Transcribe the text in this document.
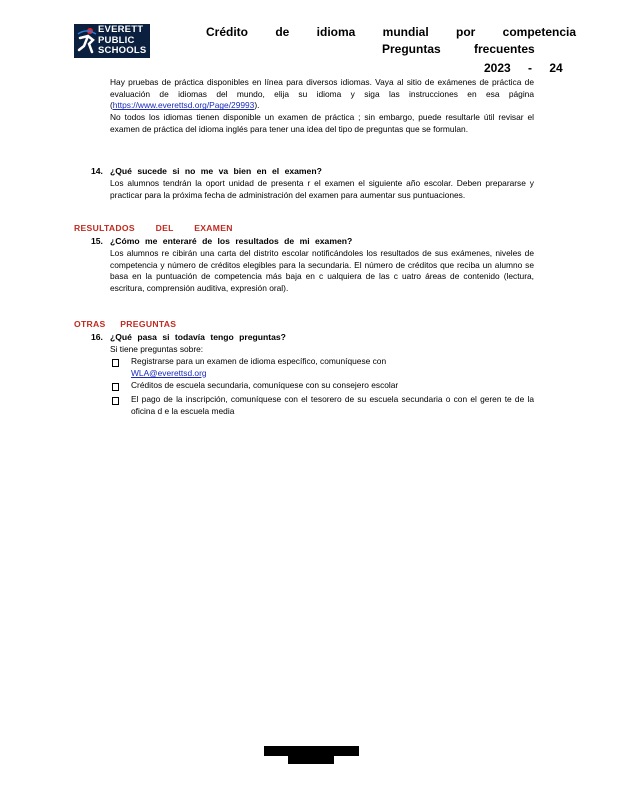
EVERETT
PUBLIC
SCHOOLS
Crédito de idioma mundial por competencia
Preguntas frecuentes
2023 - 24

Hay pruebas de práctica disponibles en línea para diversos idiomas. Vaya al sitio de exámenes de práctica de evaluación de idiomas del mundo, elija su idioma y siga las instrucciones en esa página (https://www.everettsd.org/Page/29993).

No todos los idiomas tienen disponible un examen de práctica ; sin embargo, puede resultarle útil revisar el examen de práctica del idioma inglés para tener una idea del tipo de preguntas que se formulan.

14. ¿Qué sucede si no me va bien en el examen?
Los alumnos tendrán la oport unidad de presenta r el examen el siguiente año escolar. Deben prepararse y practicar para la próxima fecha de administración del examen para aumentar sus puntuaciones.
RESULTADOS DEL EXAMEN
15. ¿Cómo me enteraré de los resultados de mi examen?
Los alumnos re cibirán una carta del distrito escolar notificándoles los resultados de sus exámenes, niveles de competencia y número de créditos elegibles para la secundaria. El número de créditos que reciba un alumno se basa en la puntuación de competencia más baja en c ualquiera de las c uatro áreas de contenido (lectura, escritura, comprensión auditiva, expresión oral).
OTRAS PREGUNTAS
16. ¿Qué pasa si todavía tengo preguntas?
Si tiene preguntas sobre:
Registrarse para un examen de idioma específico, comuníquese con
WLA@everettsd.org
Créditos de escuela secundaria, comuníquese con su consejero escolar
El pago de la inscripción, comuníquese con el tesorero de su escuela secundaria o con el geren te de la oficina d e la escuela media
